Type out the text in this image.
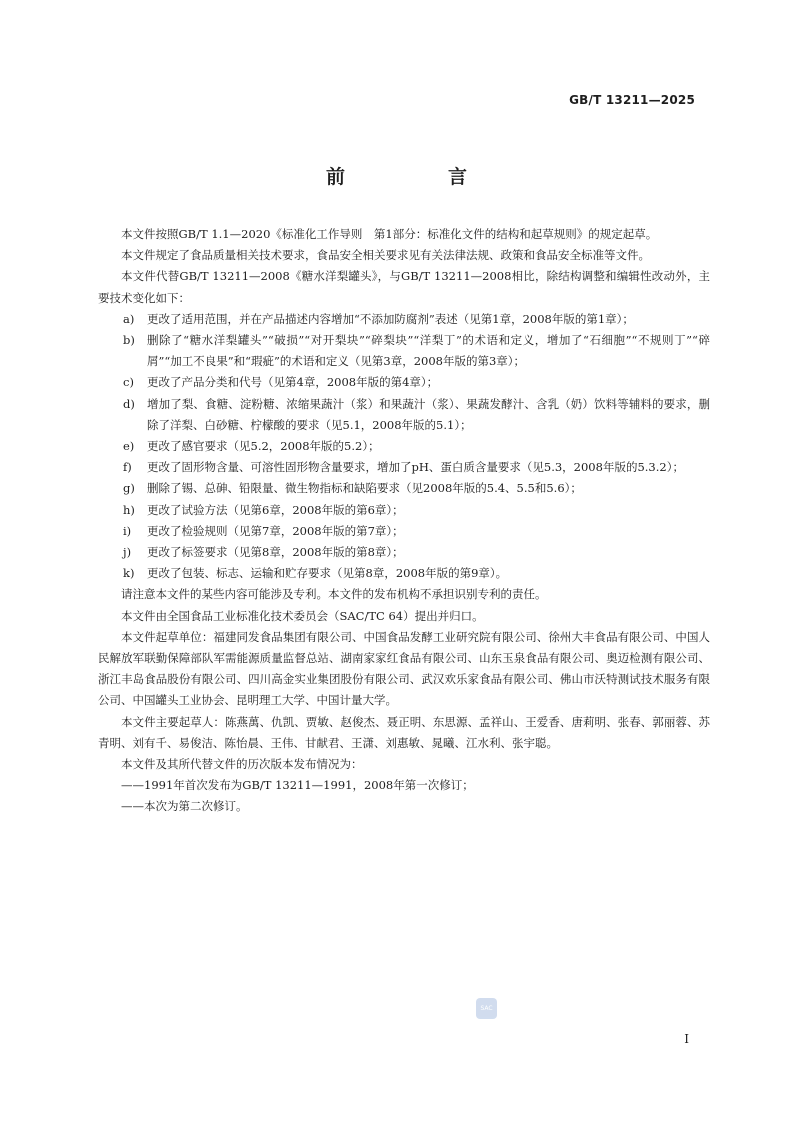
GB/T 13211—2025
前　言

本文件按照GB/T 1.1—2020《标准化工作导则　第1部分：标准化文件的结构和起草规则》的规定起草。

本文件规定了食品质量相关技术要求，食品安全相关要求见有关法律法规、政策和食品安全标准等文件。

本文件代替GB/T 13211—2008《糖水洋梨罐头》，与GB/T 13211—2008相比，除结构调整和编辑性改动外，主要技术变化如下：

a)	更改了适用范围，并在产品描述内容增加“不添加防腐剂”表述（见第1章，2008年版的第1章）；
b)	删除了“糖水洋梨罐头”“破损”“对开梨块”“碎梨块”“洋梨丁”的术语和定义，增加了“石细胞”“不规则丁”“碎屑”“加工不良果”和“瑕疵”的术语和定义（见第3章，2008年版的第3章）；
c)	更改了产品分类和代号（见第4章，2008年版的第4章）；
d)	增加了梨、食糖、淀粉糖、浓缩果蔬汁（浆）和果蔬汁（浆）、果蔬发酵汁、含乳（奶）饮料等辅料的要求，删除了洋梨、白砂糖、柠檬酸的要求（见5.1，2008年版的5.1）；
e)	更改了感官要求（见5.2，2008年版的5.2）；
f)	更改了固形物含量、可溶性固形物含量要求，增加了pH、蛋白质含量要求（见5.3，2008年版的5.3.2）；
g)	删除了锡、总砷、铅限量、微生物指标和缺陷要求（见2008年版的5.4、5.5和5.6）；
h)	更改了试验方法（见第6章，2008年版的第6章）；
i)	更改了检验规则（见第7章，2008年版的第7章）；
j)	更改了标签要求（见第8章，2008年版的第8章）；
k)	更改了包装、标志、运输和贮存要求（见第8章，2008年版的第9章）。

请注意本文件的某些内容可能涉及专利。本文件的发布机构不承担识别专利的责任。

本文件由全国食品工业标准化技术委员会（SAC/TC 64）提出并归口。

本文件起草单位：福建同发食品集团有限公司、中国食品发酵工业研究院有限公司、徐州大丰食品有限公司、中国人民解放军联勤保障部队军需能源质量监督总站、湖南家家红食品有限公司、山东玉泉食品有限公司、奥迈检测有限公司、浙江丰岛食品股份有限公司、四川高金实业集团股份有限公司、武汉欢乐家食品有限公司、佛山市沃特测试技术服务有限公司、中国罐头工业协会、昆明理工大学、中国计量大学。

本文件主要起草人：陈燕萬、仇凯、贾敏、赵俊杰、聂正明、东思源、孟祥山、王爱香、唐莉明、张春、郭丽蓉、苏青明、刘有千、易俊洁、陈怡晨、王伟、甘献君、王潇、刘惠敏、晁曦、江水利、张宇聪。

本文件及其所代替文件的历次版本发布情况为：

——1991年首次发布为GB/T 13211—1991，2008年第一次修订；

——本次为第二次修订。

SAC
I
